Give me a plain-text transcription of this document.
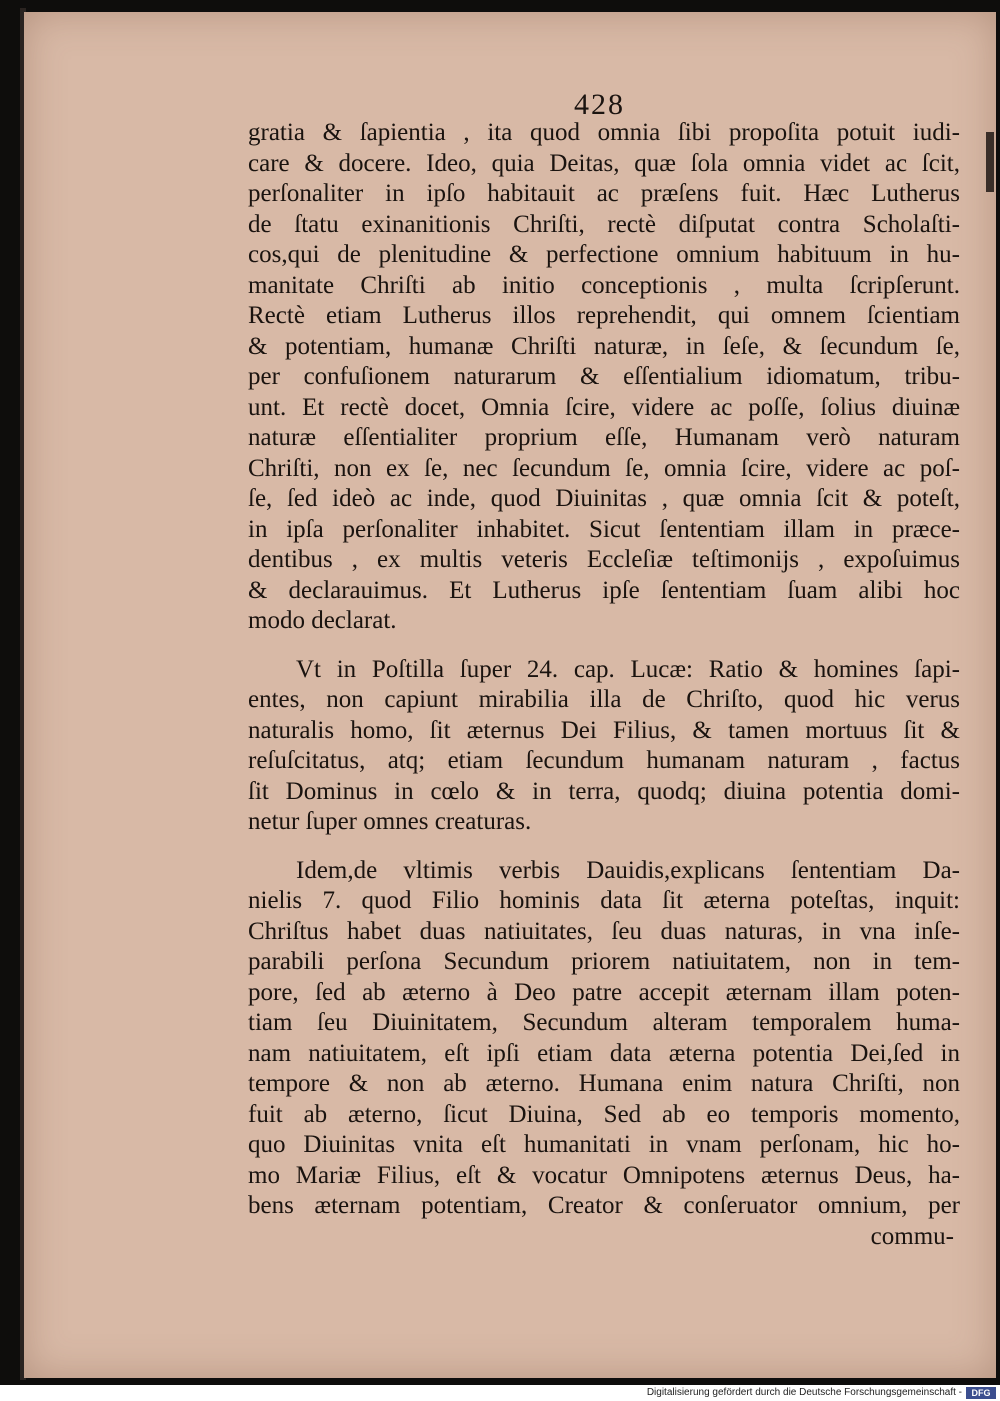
428
gratia & ſapientia , ita quod omnia ſibi propoſita potuit iudi-
care & docere. Ideo, quia Deitas, quæ ſola omnia videt ac ſcit,
perſonaliter in ipſo habitauit ac præſens fuit. Hæc Lutherus
de ſtatu exinanitionis Chriſti, rectè diſputat contra Scholaſti-
cos,qui de plenitudine & perfectione omnium habituum in hu-
manitate Chriſti ab initio conceptionis , multa ſcripſerunt.
Rectè etiam Lutherus illos reprehendit, qui omnem ſcientiam
& potentiam, humanæ Chriſti naturæ, in ſeſe, & ſecundum ſe,
per confuſionem naturarum & eſſentialium idiomatum, tribu-
unt. Et rectè docet, Omnia ſcire, videre ac poſſe, ſolius diuinæ
naturæ eſſentialiter proprium eſſe, Humanam verò naturam
Chriſti, non ex ſe, nec ſecundum ſe, omnia ſcire, videre ac poſ-
ſe, ſed ideò ac inde, quod Diuinitas , quæ omnia ſcit & poteſt,
in ipſa perſonaliter inhabitet. Sicut ſententiam illam in præce-
dentibus , ex multis veteris Eccleſiæ teſtimonijs , expoſuimus
& declarauimus. Et Lutherus ipſe ſententiam ſuam alibi hoc
modo declarat.
Vt in Poſtilla ſuper 24. cap. Lucæ: Ratio & homines ſapi-
entes, non capiunt mirabilia illa de Chriſto, quod hic verus
naturalis homo, ſit æternus Dei Filius, & tamen mortuus ſit &
reſuſcitatus, atq; etiam ſecundum humanam naturam , factus
ſit Dominus in cœlo & in terra, quodq; diuina potentia domi-
netur ſuper omnes creaturas.
Idem,de vltimis verbis Dauidis,explicans ſententiam Da-
nielis 7. quod Filio hominis data ſit æterna poteſtas, inquit:
Chriſtus habet duas natiuitates, ſeu duas naturas, in vna inſe-
parabili perſona Secundum priorem natiuitatem, non in tem-
pore, ſed ab æterno à Deo patre accepit æternam illam poten-
tiam ſeu Diuinitatem, Secundum alteram temporalem huma-
nam natiuitatem, eſt ipſi etiam data æterna potentia Dei,ſed in
tempore & non ab æterno. Humana enim natura Chriſti, non
fuit ab æterno, ſicut Diuina, Sed ab eo temporis momento,
quo Diuinitas vnita eſt humanitati in vnam perſonam, hic ho-
mo Mariæ Filius, eſt & vocatur Omnipotens æternus Deus, ha-
bens æternam potentiam, Creator & conſeruator omnium, per
commu-
Digitalisierung gefördert durch die Deutsche Forschungsgemeinschaft -	DFG
